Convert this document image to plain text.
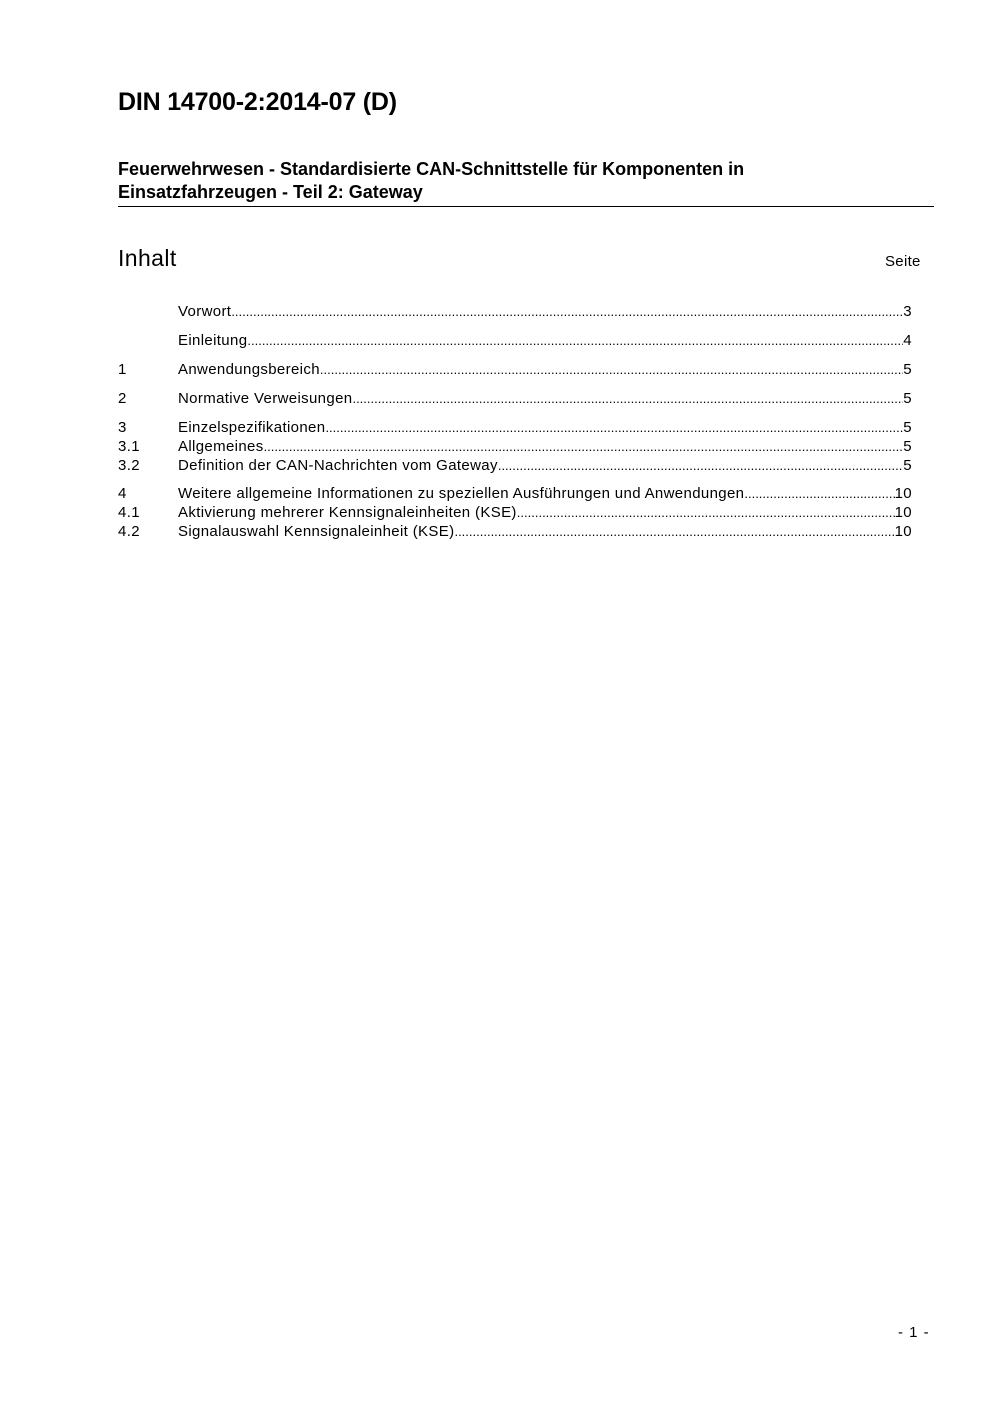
DIN 14700-2:2014-07 (D)
Feuerwehrwesen - Standardisierte CAN-Schnittstelle für Komponenten in Einsatzfahrzeugen - Teil 2: Gateway
Inhalt	Seite
Vorwort .....	3
Einleitung .....	4
1	Anwendungsbereich .....	5
2	Normative Verweisungen .....	5
3	Einzelspezifikationen .....	5
3.1	Allgemeines .....	5
3.2	Definition der CAN-Nachrichten vom Gateway .....	5
4	Weitere allgemeine Informationen zu speziellen Ausführungen und Anwendungen .....	10
4.1	Aktivierung mehrerer Kennsignaleinheiten (KSE) .....	10
4.2	Signalauswahl Kennsignaleinheit (KSE) .....	10
- 1 -
